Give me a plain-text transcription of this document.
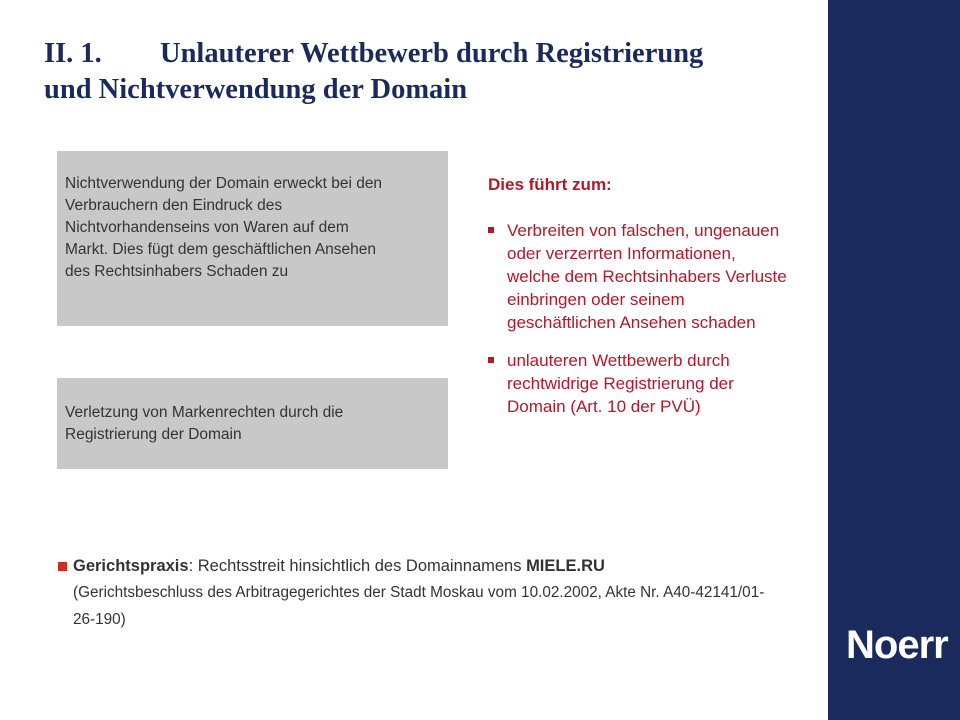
Noerr
II. 1. Unlauterer Wettbewerb durch Registrierung
und Nichtverwendung der Domain
Nichtverwendung der Domain erweckt bei den Verbrauchern den Eindruck des Nichtvorhandenseins von Waren auf dem Markt. Dies fügt dem geschäftlichen Ansehen des Rechtsinhabers Schaden zu
Verletzung von Markenrechten durch die Registrierung der Domain
Dies führt zum:
Verbreiten von falschen, ungenauen oder verzerrten Informationen, welche dem Rechtsinhabers Verluste einbringen oder seinem geschäftlichen Ansehen schaden
unlauteren Wettbewerb durch rechtwidrige Registrierung der Domain (Art. 10 der PVÜ)
Gerichtspraxis: Rechtsstreit hinsichtlich des Domainnamens MIELE.RU
(Gerichtsbeschluss des Arbitragegerichtes der Stadt Moskau vom 10.02.2002, Akte Nr. A40-42141/01-26-190)
